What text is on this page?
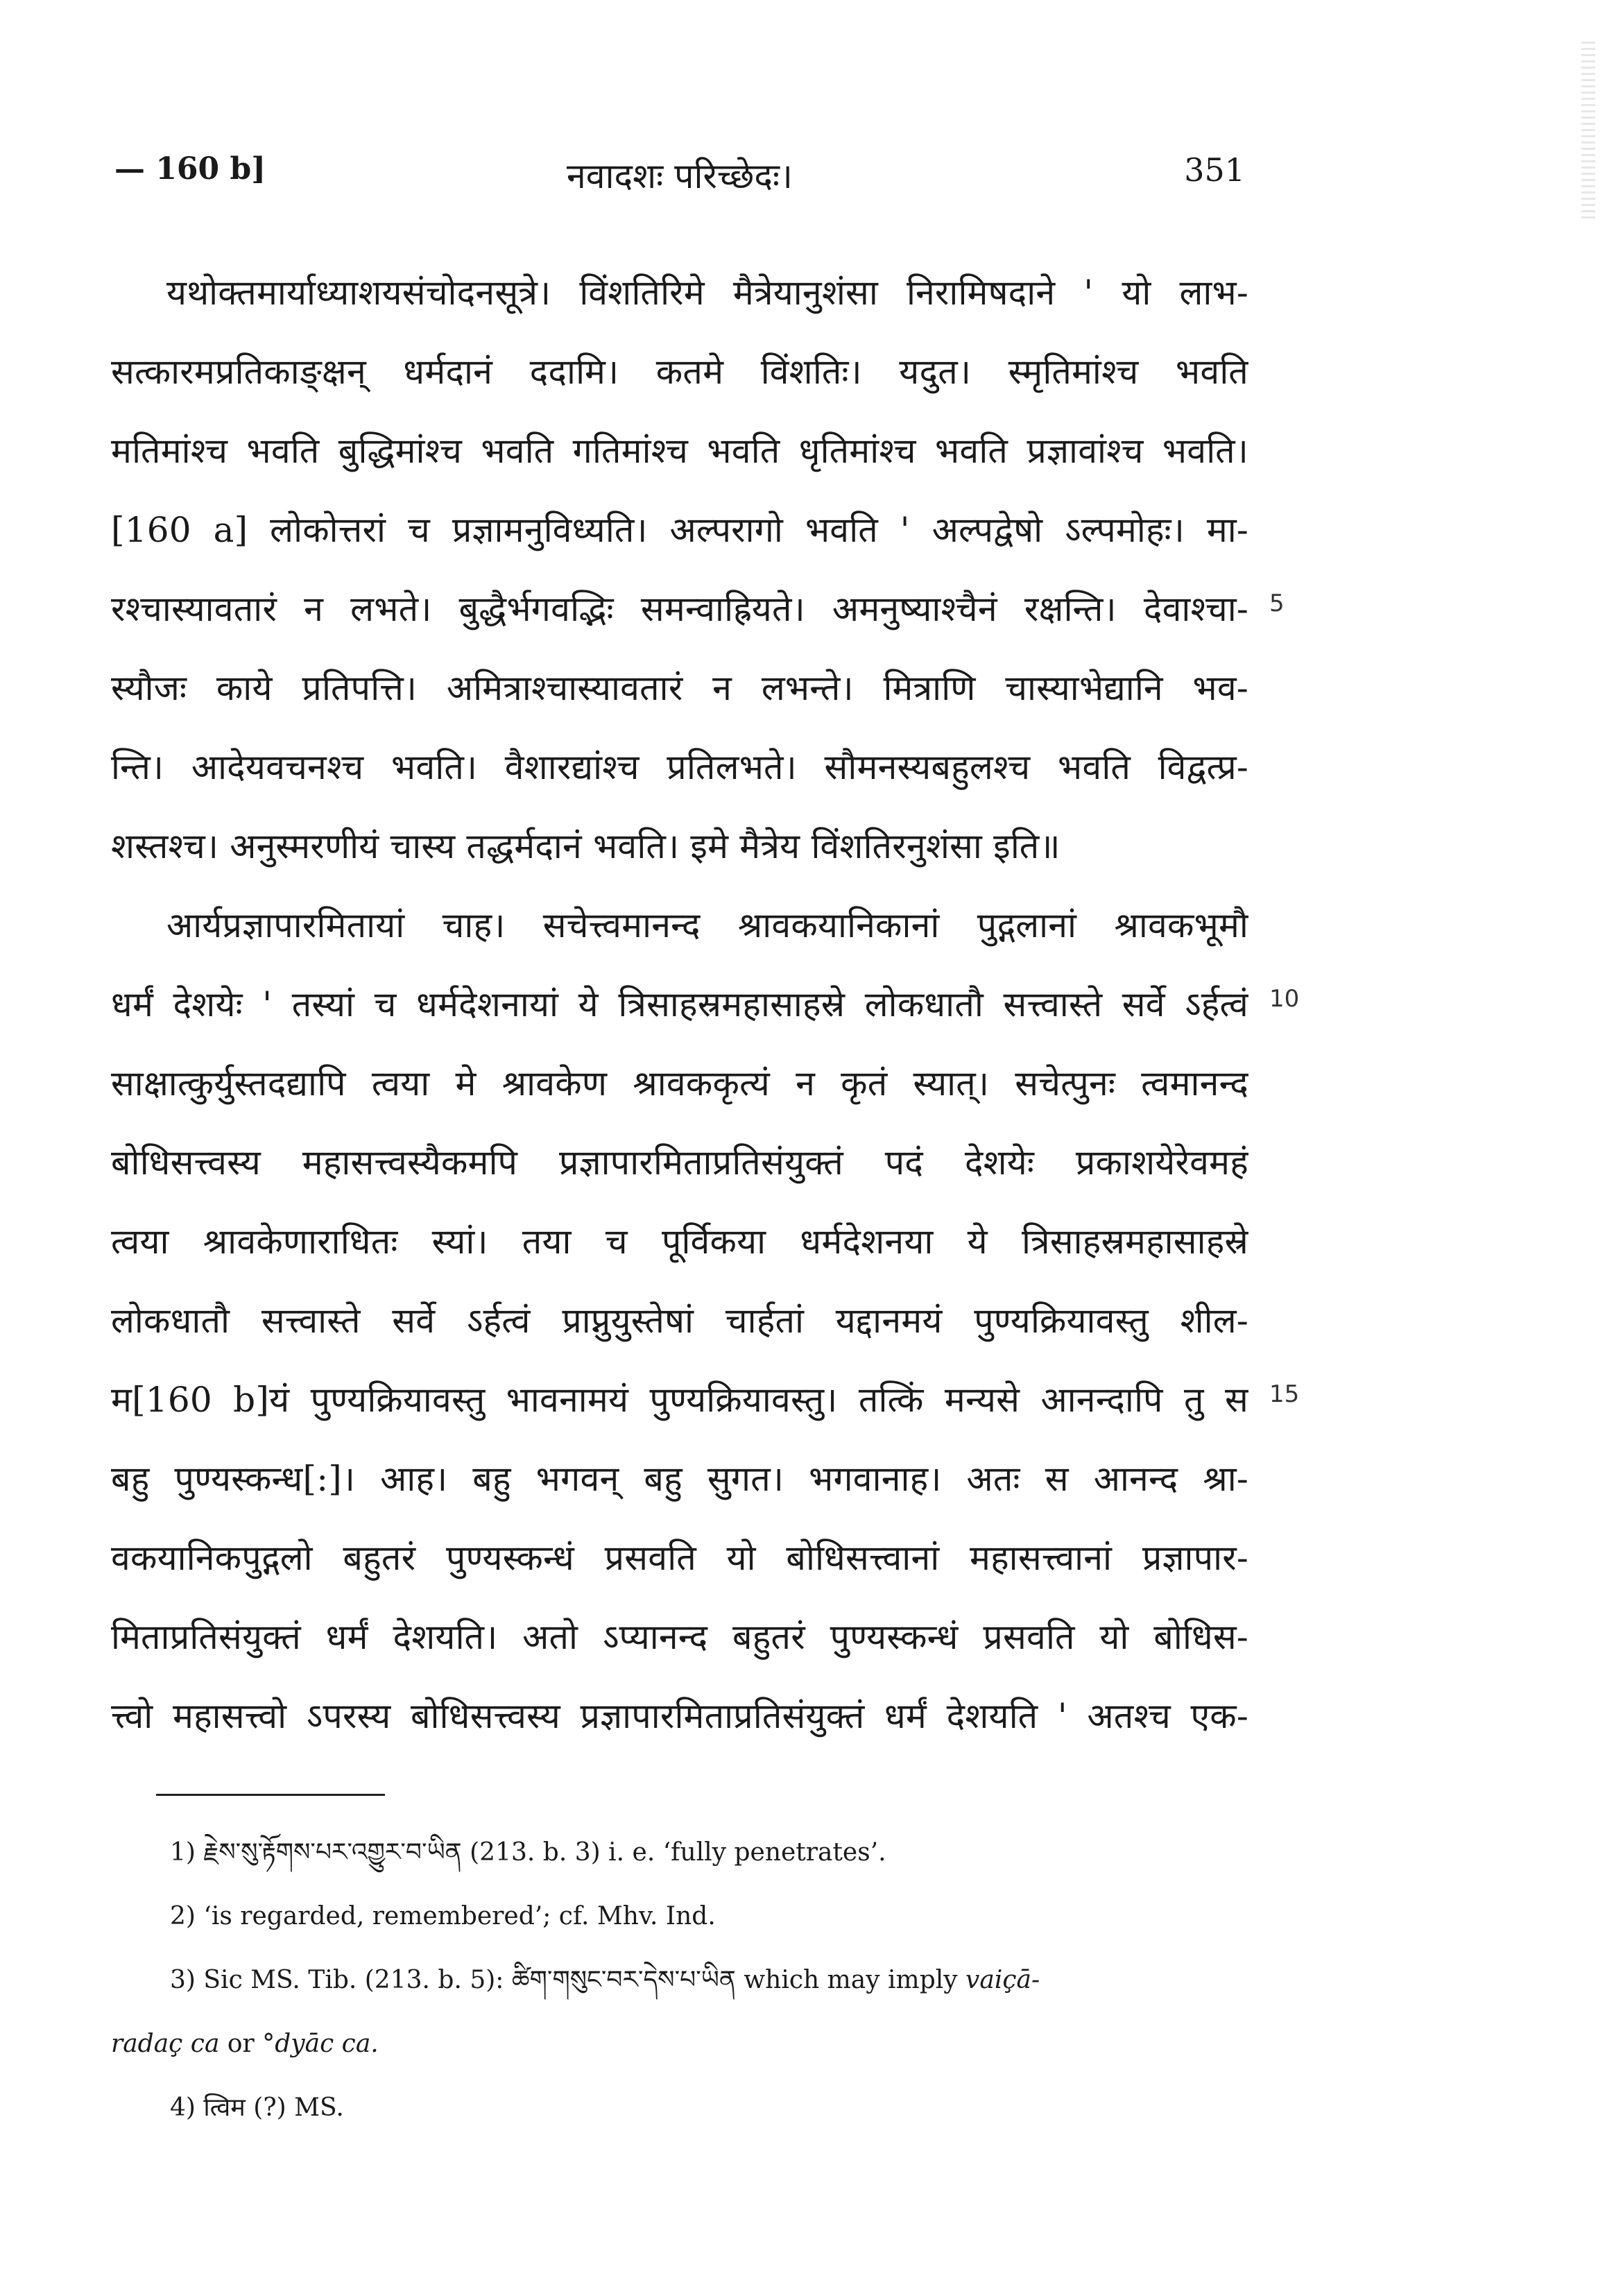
— 160 b]	नवादशः परिच्छेदः।	351
यथोक्तमार्याध्याशयसंचोदनसूत्रे। विंशतिरिमे मैत्रेयानुशंसा निरामिषदाने ' यो लाभ-
सत्कारमप्रतिकाङ्क्षन् धर्मदानं ददामि। कतमे विंशतिः। यदुत। स्मृतिमांश्च भवति
मतिमांश्च भवति बुद्धिमांश्च भवति गतिमांश्च भवति धृतिमांश्च भवति प्रज्ञावांश्च भवति।
[160 a] लोकोत्तरां च प्रज्ञामनुविध्यति। अल्परागो भवति ' अल्पद्वेषो ऽल्पमोहः। मा-
रश्चास्यावतारं न लभते। बुद्धैर्भगवद्भिः समन्वाह्रियते। अमनुष्याश्चैनं रक्षन्ति। देवाश्चा-
स्यौजः काये प्रतिपत्ति। अमित्राश्चास्यावतारं न लभन्ते। मित्राणि चास्याभेद्यानि भव-
न्ति। आदेयवचनश्च भवति। वैशारद्यांश्च प्रतिलभते। सौमनस्यबहुलश्च भवति विद्वत्प्र-
शस्तश्च। अनुस्मरणीयं चास्य तद्धर्मदानं भवति। इमे मैत्रेय विंशतिरनुशंसा इति॥
आर्यप्रज्ञापारमितायां चाह। सचेत्त्वमानन्द श्रावकयानिकानां पुद्गलानां श्रावकभूमौ
धर्मं देशयेः ' तस्यां च धर्मदेशनायां ये त्रिसाहस्रमहासाहस्रे लोकधातौ सत्त्वास्ते सर्वे ऽर्हत्वं
साक्षात्कुर्युस्तदद्यापि त्वया मे श्रावकेण श्रावककृत्यं न कृतं स्यात्। सचेत्पुनः त्वमानन्द
बोधिसत्त्वस्य महासत्त्वस्यैकमपि प्रज्ञापारमिताप्रतिसंयुक्तं पदं देशयेः प्रकाशयेरेवमहं
त्वया श्रावकेणाराधितः स्यां। तया च पूर्विकया धर्मदेशनया ये त्रिसाहस्रमहासाहस्रे
लोकधातौ सत्त्वास्ते सर्वे ऽर्हत्वं प्राप्नुयुस्तेषां चार्हतां यद्दानमयं पुण्यक्रियावस्तु शील-
म[160 b]यं पुण्यक्रियावस्तु भावनामयं पुण्यक्रियावस्तु। तत्किं मन्यसे आनन्दापि तु स
बहु पुण्यस्कन्ध[:]। आह। बहु भगवन् बहु सुगत। भगवानाह। अतः स आनन्द श्रा-
वकयानिकपुद्गलो बहुतरं पुण्यस्कन्धं प्रसवति यो बोधिसत्त्वानां महासत्त्वानां प्रज्ञापार-
मिताप्रतिसंयुक्तं धर्मं देशयति। अतो ऽप्यानन्द बहुतरं पुण्यस्कन्धं प्रसवति यो बोधिस-
त्त्वो महासत्त्वो ऽपरस्य बोधिसत्त्वस्य प्रज्ञापारमिताप्रतिसंयुक्तं धर्मं देशयति ' अतश्च एक-
5
10
15
1) རྗེས་སུ་རྟོགས་པར་འགྱུར་བ་ཡིན (213. b. 3) i. e. ‘fully penetrates’.
2) ‘is regarded, remembered’; cf. Mhv. Ind.
3) Sic MS. Tib. (213. b. 5): ཚིག་གསུང་བར་དེས་པ་ཡིན which may imply vaiçā-
radaç ca or °dyāc ca.
4) त्विम (?) MS.
